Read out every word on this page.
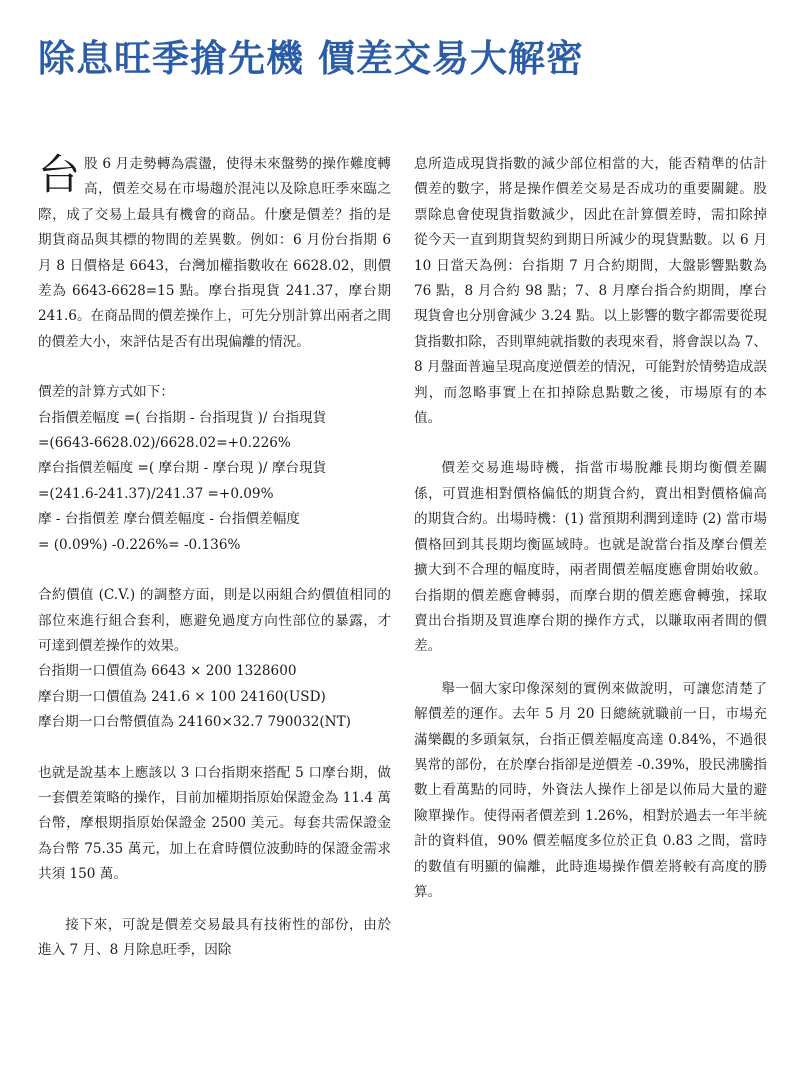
除息旺季搶先機 價差交易大解密

台股 6 月走勢轉為震盪，使得未來盤勢的操作難度轉高，價差交易在市場趨於混沌以及除息旺季來臨之際，成了交易上最具有機會的商品。什麼是價差？指的是期貨商品與其標的物間的差異數。例如：6 月份台指期 6 月 8 日價格是 6643，台灣加權指數收在 6628.02，則價差為 6643-6628=15 點。摩台指現貨 241.37，摩台期 241.6。在商品間的價差操作上，可先分別計算出兩者之間的價差大小，來評估是否有出現偏離的情況。

價差的計算方式如下：
台指價差幅度 =( 台指期 - 台指現貨 )/ 台指現貨
=(6643-6628.02)/6628.02=+0.226%
摩台指價差幅度 =( 摩台期 - 摩台現 )/ 摩台現貨
=(241.6-241.37)/241.37 =+0.09%
摩 - 台指價差 摩台價差幅度 - 台指價差幅度
= (0.09%) -0.226%= -0.136%

合約價值 (C.V.) 的調整方面，則是以兩組合約價值相同的部位來進行組合套利，應避免過度方向性部位的暴露，才可達到價差操作的效果。

台指期一口價值為 6643 × 200 1328600
摩台期一口價值為 241.6 × 100 24160(USD)
摩台期一口台幣價值為 24160×32.7 790032(NT)

也就是說基本上應該以 3 口台指期來搭配 5 口摩台期，做一套價差策略的操作，目前加權期指原始保證金為 11.4 萬台幣，摩根期指原始保證金 2500 美元。每套共需保證金為台幣 75.35 萬元，加上在倉時價位波動時的保證金需求共須 150 萬。

接下來，可說是價差交易最具有技術性的部份，由於進入 7 月、8 月除息旺季，因除

息所造成現貨指數的減少部位相當的大，能否精準的估計價差的數字，將是操作價差交易是否成功的重要關鍵。股票除息會使現貨指數減少，因此在計算價差時，需扣除掉從今天一直到期貨契約到期日所減少的現貨點數。以 6 月 10 日當天為例：台指期 7 月合約期間，大盤影響點數為 76 點，8 月合約 98 點；7、8 月摩台指合約期間，摩台現貨會也分別會減少 3.24 點。以上影響的數字都需要從現貨指數扣除，否則單純就指數的表現來看，將會誤以為 7、8 月盤面普遍呈現高度逆價差的情況，可能對於情勢造成誤判，而忽略事實上在扣掉除息點數之後，市場原有的本值。

價差交易進場時機，指當市場脫離長期均衡價差關係，可買進相對價格偏低的期貨合約，賣出相對價格偏高的期貨合約。出場時機：(1) 當預期利潤到達時 (2) 當市場價格回到其長期均衡區域時。也就是說當台指及摩台價差擴大到不合理的幅度時，兩者間價差幅度應會開始收斂。台指期的價差應會轉弱，而摩台期的價差應會轉強，採取賣出台指期及買進摩台期的操作方式，以賺取兩者間的價差。

舉一個大家印像深刻的實例來做說明，可讓您清楚了解價差的運作。去年 5 月 20 日總統就職前一日，市場充滿樂觀的多頭氣氛，台指正價差幅度高達 0.84%，不過很異常的部份，在於摩台指卻是逆價差 -0.39%，股民沸騰指數上看萬點的同時，外資法人操作上卻是以佈局大量的避險單操作。使得兩者價差到 1.26%，相對於過去一年半統計的資料值，90% 價差幅度多位於正負 0.83 之間，當時的數值有明顯的偏離，此時進場操作價差將較有高度的勝算。
